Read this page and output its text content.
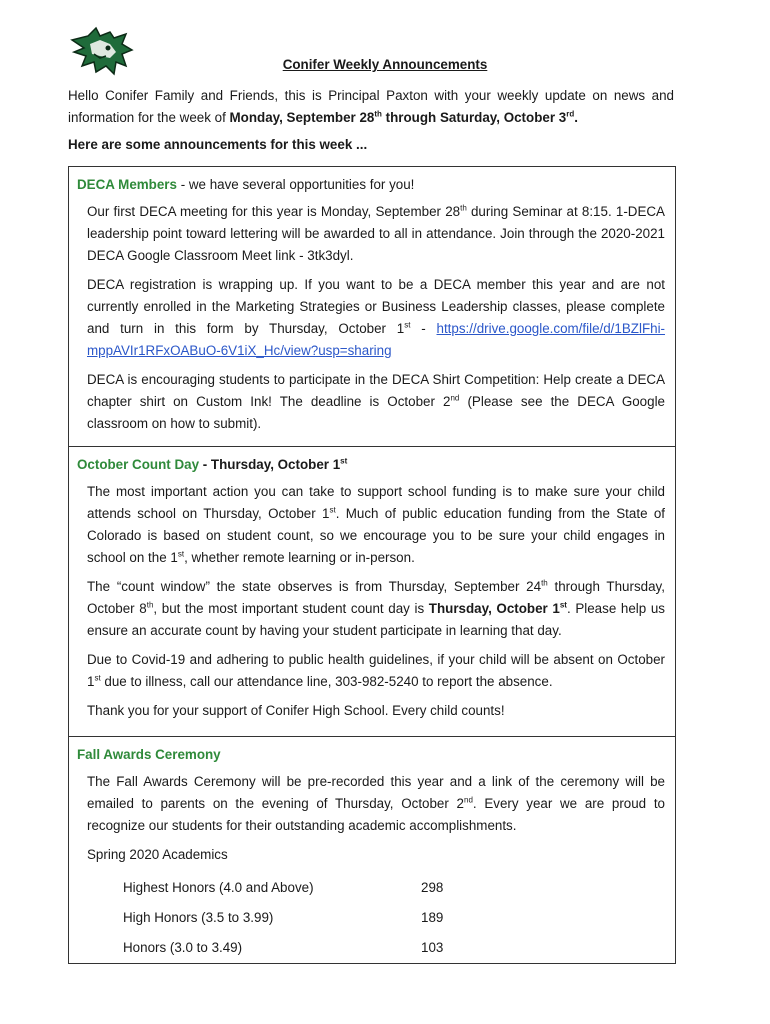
Conifer Weekly Announcements
Hello Conifer Family and Friends, this is Principal Paxton with your weekly update on news and information for the week of Monday, September 28th through Saturday, October 3rd.
Here are some announcements for this week ...
DECA Members - we have several opportunities for you!
Our first DECA meeting for this year is Monday, September 28th during Seminar at 8:15. 1-DECA leadership point toward lettering will be awarded to all in attendance. Join through the 2020-2021 DECA Google Classroom Meet link - 3tk3dyl.
DECA registration is wrapping up. If you want to be a DECA member this year and are not currently enrolled in the Marketing Strategies or Business Leadership classes, please complete and turn in this form by Thursday, October 1st - https://drive.google.com/file/d/1BZlFhi-mppAVIr1RFxOABuO-6V1iX_Hc/view?usp=sharing
DECA is encouraging students to participate in the DECA Shirt Competition: Help create a DECA chapter shirt on Custom Ink! The deadline is October 2nd (Please see the DECA Google classroom on how to submit).
October Count Day - Thursday, October 1st
The most important action you can take to support school funding is to make sure your child attends school on Thursday, October 1st. Much of public education funding from the State of Colorado is based on student count, so we encourage you to be sure your child engages in school on the 1st, whether remote learning or in-person.
The “count window” the state observes is from Thursday, September 24th through Thursday, October 8th, but the most important student count day is Thursday, October 1st. Please help us ensure an accurate count by having your student participate in learning that day.
Due to Covid-19 and adhering to public health guidelines, if your child will be absent on October 1st due to illness, call our attendance line, 303-982-5240 to report the absence.
Thank you for your support of Conifer High School. Every child counts!
Fall Awards Ceremony
The Fall Awards Ceremony will be pre-recorded this year and a link of the ceremony will be emailed to parents on the evening of Thursday, October 2nd. Every year we are proud to recognize our students for their outstanding academic accomplishments.
Spring 2020 Academics
Highest Honors (4.0 and Above)	298
High Honors (3.5 to 3.99)	189
Honors (3.0 to 3.49)	103
